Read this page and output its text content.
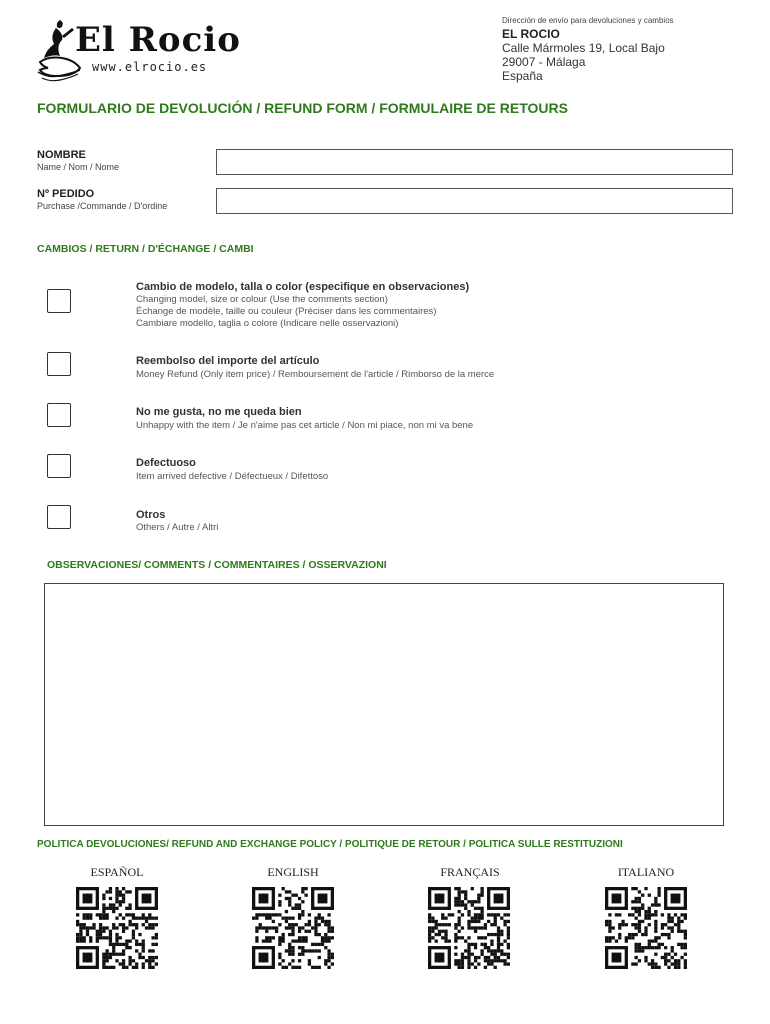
El Rocio
www.elrocio.es
Dirección de envío para devoluciones y cambios
EL ROCIO
Calle Mármoles 19, Local Bajo
29007 - Málaga
España
FORMULARIO DE DEVOLUCIÓN / REFUND FORM / FORMULAIRE DE RETOURS
NOMBRE
Name / Nom / Nome
Nº PEDIDO
Purchase /Commande / D'ordine
CAMBIOS / RETURN / D'ÉCHANGE / CAMBI
Cambio de modelo, talla o color (especifique en observaciones)
Changing model, size or colour (Use the comments section)
Échange de modèle, taille ou couleur (Préciser dans les commentaires)
Cambiare modello, taglia o colore (Indicare nelle osservazioni)
Reembolso del importe del artículo
Money Refund (Only item price) / Remboursement de l'article / Rimborso de la merce
No me gusta, no me queda bien
Unhappy with the item / Je n'aime pas cet article / Non mi piace, non mi va bene
Defectuoso
Item arrived defective / Défectueux / Difettoso
Otros
Others / Autre / Altri
OBSERVACIONES/ COMMENTS / COMMENTAIRES / OSSERVAZIONI
POLITICA DEVOLUCIONES/ REFUND AND EXCHANGE POLICY / POLITIQUE DE RETOUR / POLITICA SULLE RESTITUZIONI
ESPAÑOL	ENGLISH	FRANÇAIS	ITALIANO
